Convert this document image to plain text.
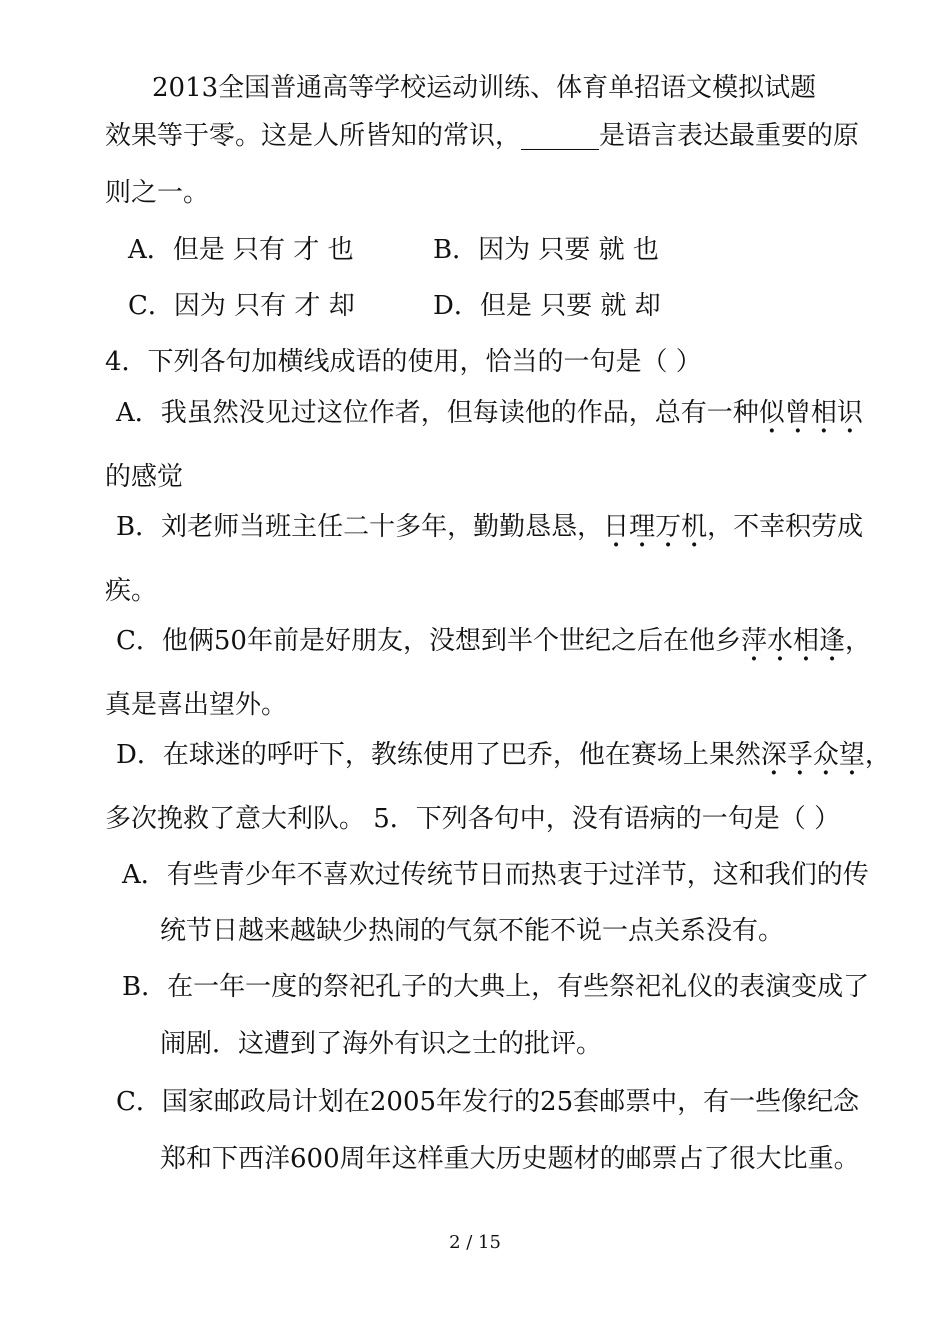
2013全国普通高等学校运动训练、体育单招语文模拟试题
效果等于零。这是人所皆知的常识，______是语言表达最重要的原
则之一。
A．但是 只有 才 也	B．因为 只要 就 也
C．因为 只有 才 却	D．但是 只要 就 却
4．下列各句加横线成语的使用，恰当的一句是（ ）
A．我虽然没见过这位作者，但每读他的作品，总有一种似曾相识
的感觉
B．刘老师当班主任二十多年，勤勤恳恳，日理万机，不幸积劳成
疾。
C．他俩50年前是好朋友，没想到半个世纪之后在他乡萍水相逢，
真是喜出望外。
D．在球迷的呼吁下，教练使用了巴乔，他在赛场上果然深孚众望，
多次挽救了意大利队。 5．下列各句中，没有语病的一句是（ ）
A．有些青少年不喜欢过传统节日而热衷于过洋节，这和我们的传
统节日越来越缺少热闹的气氛不能不说一点关系没有。
B．在一年一度的祭祀孔子的大典上，有些祭祀礼仪的表演变成了
闹剧．这遭到了海外有识之士的批评。
C．国家邮政局计划在2005年发行的25套邮票中，有一些像纪念
郑和下西洋600周年这样重大历史题材的邮票占了很大比重。
2 / 15
